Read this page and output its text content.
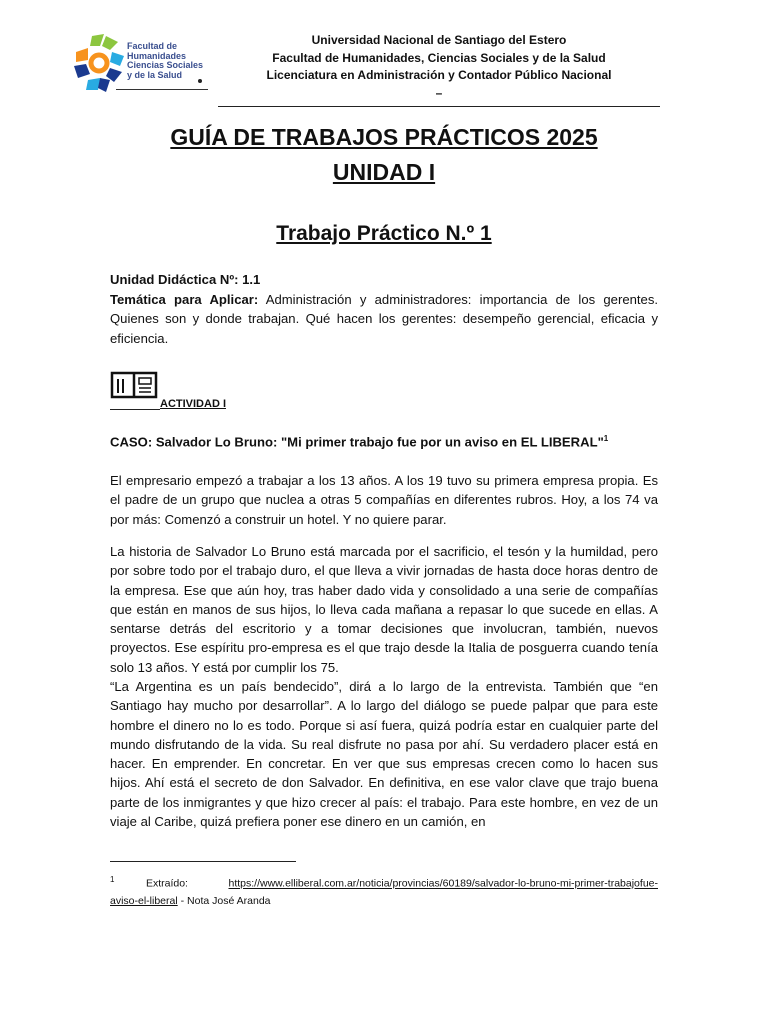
Facultad de
Humanidades
Ciencias Sociales
y de la Salud
Universidad Nacional de Santiago del Estero
Facultad de Humanidades, Ciencias Sociales y de la Salud
Licenciatura en Administración y Contador Público Nacional
–
GUÍA DE TRABAJOS PRÁCTICOS 2025
UNIDAD I
Trabajo Práctico N.º 1
Unidad Didáctica Nº: 1.1
Temática para Aplicar: Administración y administradores: importancia de los gerentes. Quienes son y donde trabajan. Qué hacen los gerentes: desempeño gerencial, eficacia y eficiencia.
ACTIVIDAD I
CASO: Salvador Lo Bruno: "Mi primer trabajo fue por un aviso en EL LIBERAL"$^1$
El empresario empezó a trabajar a los 13 años. A los 19 tuvo su primera empresa propia. Es el padre de un grupo que nuclea a otras 5 compañías en diferentes rubros. Hoy, a los 74 va por más: Comenzó a construir un hotel. Y no quiere parar.
La historia de Salvador Lo Bruno está marcada por el sacrificio, el tesón y la humildad, pero por sobre todo por el trabajo duro, el que lleva a vivir jornadas de hasta doce horas dentro de la empresa. Ese que aún hoy, tras haber dado vida y consolidado a una serie de compañías que están en manos de sus hijos, lo lleva cada mañana a repasar lo que sucede en ellas. A sentarse detrás del escritorio y a tomar decisiones que involucran, también, nuevos proyectos. Ese espíritu pro-empresa es el que trajo desde la Italia de posguerra cuando tenía solo 13 años. Y está por cumplir los 75.
“La Argentina es un país bendecido”, dirá a lo largo de la entrevista. También que “en Santiago hay mucho por desarrollar”. A lo largo del diálogo se puede palpar que para este hombre el dinero no lo es todo. Porque si así fuera, quizá podría estar en cualquier parte del mundo disfrutando de la vida. Su real disfrute no pasa por ahí. Su verdadero placer está en hacer. En emprender. En concretar. En ver que sus empresas crecen como lo hacen sus hijos. Ahí está el secreto de don Salvador. En definitiva, en ese valor clave que trajo buena parte de los inmigrantes y que hizo crecer al país: el trabajo. Para este hombre, en vez de un viaje al Caribe, quizá prefiera poner ese dinero en un camión, en
$^1$	Extraído:	https://www.elliberal.com.ar/noticia/provincias/60189/salvador-lo-bruno-mi-primer-trabajofue-aviso-el-liberal - Nota José Aranda
